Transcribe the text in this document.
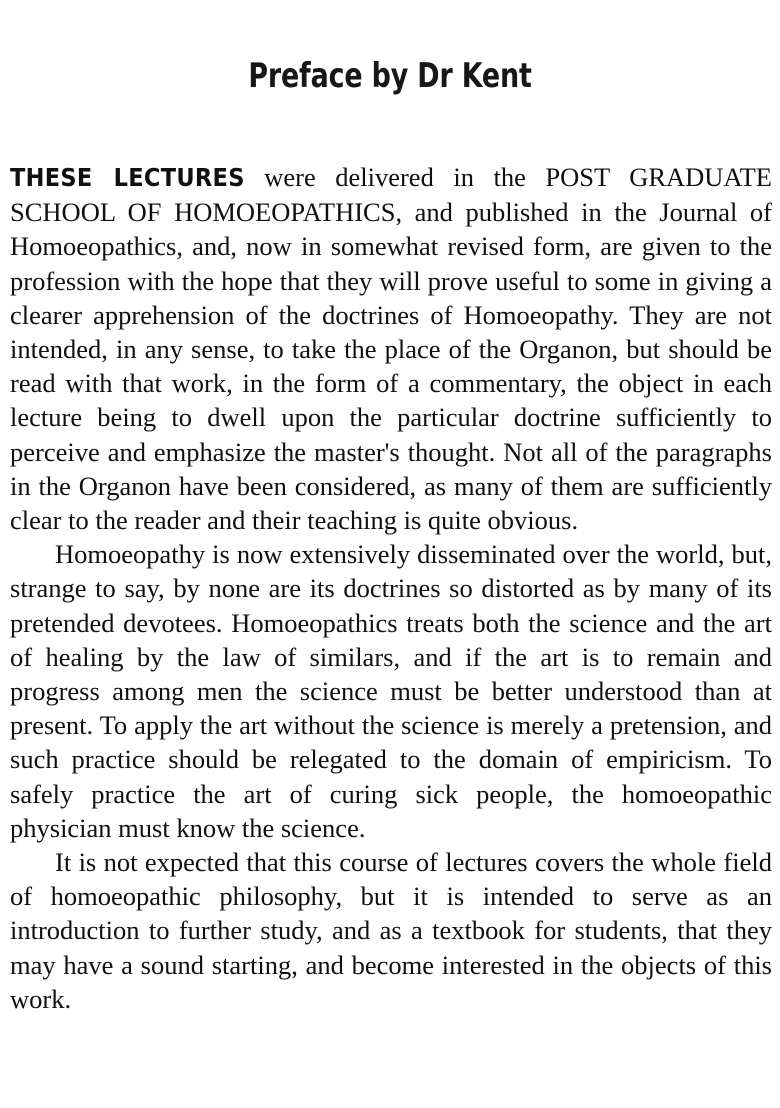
Preface by Dr Kent

THESE LECTURES were delivered in the POST GRADUATE SCHOOL OF HOMOEOPATHICS, and published in the Journal of Homoeopathics, and, now in somewhat revised form, are given to the profession with the hope that they will prove useful to some in giving a clearer apprehension of the doctrines of Homoeopathy. They are not intended, in any sense, to take the place of the Organon, but should be read with that work, in the form of a commentary, the object in each lecture being to dwell upon the particular doctrine sufficiently to perceive and emphasize the master's thought. Not all of the paragraphs in the Organon have been considered, as many of them are sufficiently clear to the reader and their teaching is quite obvious.

Homoeopathy is now extensively disseminated over the world, but, strange to say, by none are its doctrines so distorted as by many of its pretended devotees. Homoeopathics treats both the science and the art of healing by the law of similars, and if the art is to remain and progress among men the science must be better understood than at present. To apply the art without the science is merely a pretension, and such practice should be relegated to the domain of empiricism. To safely practice the art of curing sick people, the homoeopathic physician must know the science.

It is not expected that this course of lectures covers the whole field of homoeopathic philosophy, but it is intended to serve as an introduction to further study, and as a textbook for students, that they may have a sound starting, and become interested in the objects of this work.
